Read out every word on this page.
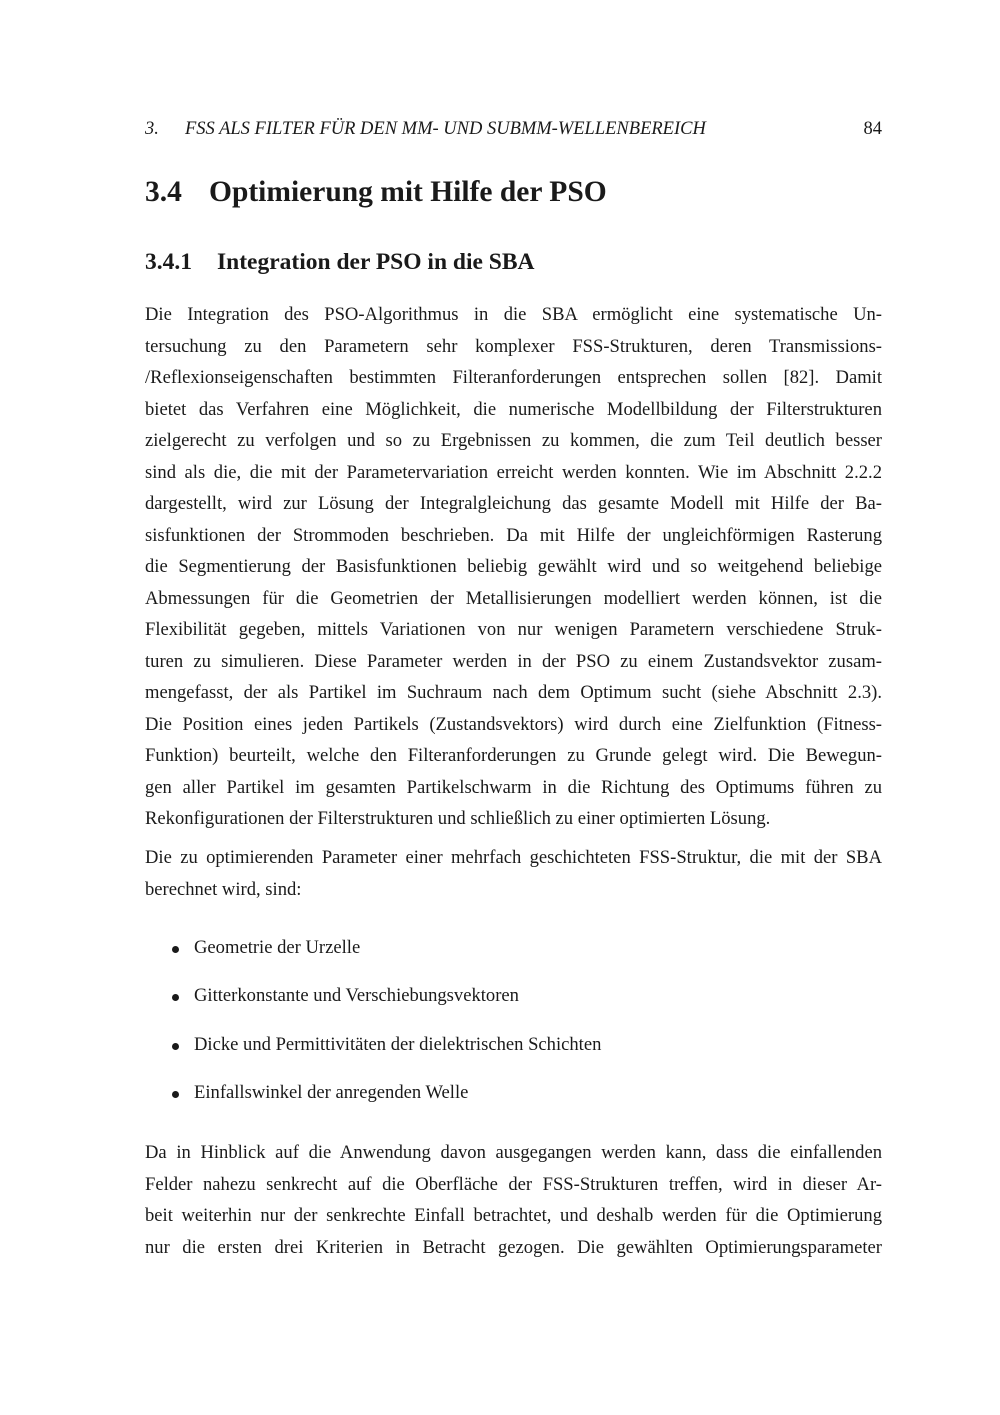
3. FSS ALS FILTER FÜR DEN MM- UND SUBMM-WELLENBEREICH	84
3.4 Optimierung mit Hilfe der PSO
3.4.1 Integration der PSO in die SBA
Die Integration des PSO-Algorithmus in die SBA ermöglicht eine systematische Un-
tersuchung zu den Parametern sehr komplexer FSS-Strukturen, deren Transmissions-
/Reflexionseigenschaften bestimmten Filteranforderungen entsprechen sollen [82]. Damit
bietet das Verfahren eine Möglichkeit, die numerische Modellbildung der Filterstrukturen
zielgerecht zu verfolgen und so zu Ergebnissen zu kommen, die zum Teil deutlich besser
sind als die, die mit der Parametervariation erreicht werden konnten. Wie im Abschnitt 2.2.2
dargestellt, wird zur Lösung der Integralgleichung das gesamte Modell mit Hilfe der Ba-
sisfunktionen der Strommoden beschrieben. Da mit Hilfe der ungleichförmigen Rasterung
die Segmentierung der Basisfunktionen beliebig gewählt wird und so weitgehend beliebige
Abmessungen für die Geometrien der Metallisierungen modelliert werden können, ist die
Flexibilität gegeben, mittels Variationen von nur wenigen Parametern verschiedene Struk-
turen zu simulieren. Diese Parameter werden in der PSO zu einem Zustandsvektor zusam-
mengefasst, der als Partikel im Suchraum nach dem Optimum sucht (siehe Abschnitt 2.3).
Die Position eines jeden Partikels (Zustandsvektors) wird durch eine Zielfunktion (Fitness-
Funktion) beurteilt, welche den Filteranforderungen zu Grunde gelegt wird. Die Bewegun-
gen aller Partikel im gesamten Partikelschwarm in die Richtung des Optimums führen zu
Rekonfigurationen der Filterstrukturen und schließlich zu einer optimierten Lösung.
Die zu optimierenden Parameter einer mehrfach geschichteten FSS-Struktur, die mit der SBA
berechnet wird, sind:
Geometrie der Urzelle
Gitterkonstante und Verschiebungsvektoren
Dicke und Permittivitäten der dielektrischen Schichten
Einfallswinkel der anregenden Welle
Da in Hinblick auf die Anwendung davon ausgegangen werden kann, dass die einfallenden
Felder nahezu senkrecht auf die Oberfläche der FSS-Strukturen treffen, wird in dieser Ar-
beit weiterhin nur der senkrechte Einfall betrachtet, und deshalb werden für die Optimierung
nur die ersten drei Kriterien in Betracht gezogen. Die gewählten Optimierungsparameter
